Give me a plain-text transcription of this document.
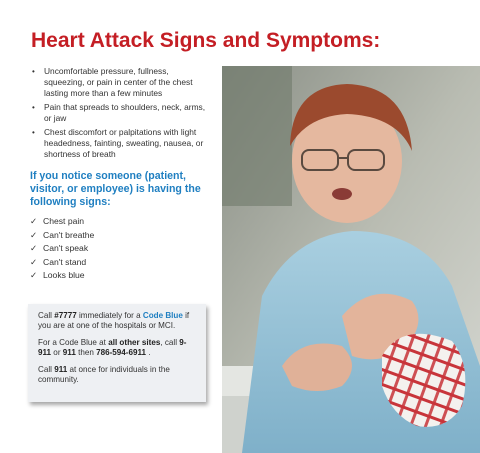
Heart Attack Signs and Symptoms:
• Uncomfortable pressure, fullness, squeezing, or pain in center of the chest lasting more than a few minutes
• Pain that spreads to shoulders, neck, arms, or jaw
• Chest discomfort or palpitations with light headedness, fainting, sweating, nausea, or shortness of breath
If you notice someone (patient, visitor, or employee) is having the following signs:
✓ Chest pain
✓ Can't breathe
✓ Can't speak
✓ Can't stand
✓ Looks blue

Call #7777 immediately for a Code Blue if you are at one of the hospitals or MCI.

For a Code Blue at all other sites, call 9-911 or 911 then 786-594-6911 .

Call 911 at once for individuals in the community.
